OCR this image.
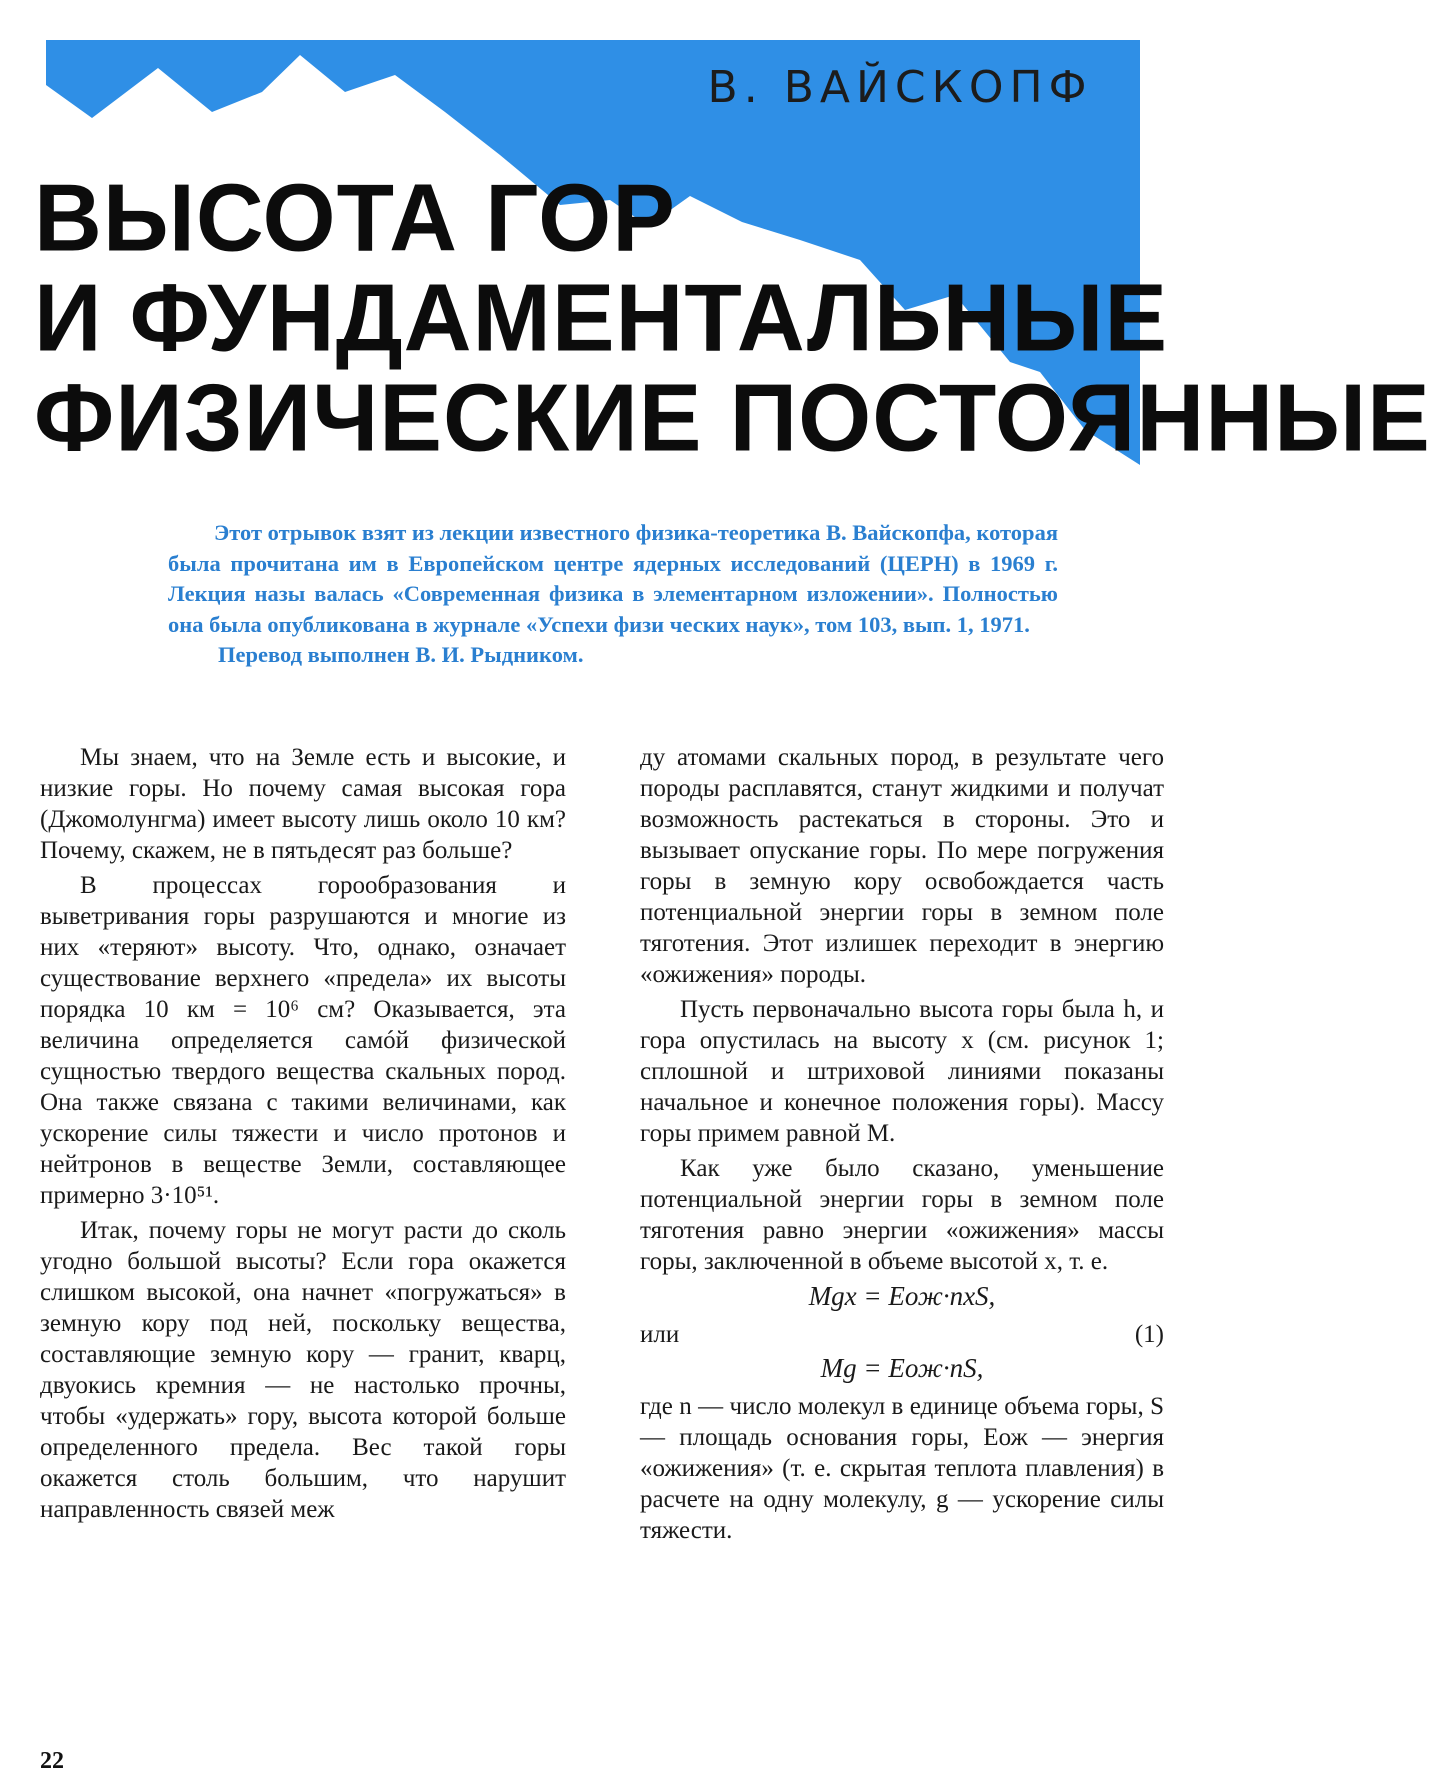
В. ВАЙСКОПФ
ВЫСОТА ГОР
И ФУНДАМЕНТАЛЬНЫЕ
ФИЗИЧЕСКИЕ ПОСТОЯННЫЕ

Этот отрывок взят из лекции известного физика-теоретика В. Вайскопфа, которая была прочитана им в Европейском центре ядерных исследований (ЦЕРН) в 1969 г. Лекция назы валась «Современная физика в элементарном изложении». Полностью она была опубликована в журнале «Успехи физи ческих наук», том 103, вып. 1, 1971.

Перевод выполнен В. И. Рыдником.

Мы знаем, что на Земле есть и высокие, и низкие горы. Но почему самая высокая гора (Джомолунгма) имеет высоту лишь около 10 км? Почему, скажем, не в пятьдесят раз больше?

В процессах горообразования и выветривания горы разрушаются и многие из них «теряют» высоту. Что, однако, означает существование верхнего «предела» их высоты порядка 10 км = 10⁶ см? Оказывается, эта величина определяется самóй физической сущностью твердого вещества скальных пород. Она также связана с такими величинами, как ускорение силы тяжести и число протонов и нейтронов в веществе Земли, составляющее примерно 3·10⁵¹.

Итак, почему горы не могут расти до сколь угодно большой высоты? Если гора окажется слишком высокой, она начнет «погружаться» в земную кору под ней, поскольку вещества, составляющие земную кору — гранит, кварц, двуокись кремния — не настолько прочны, чтобы «удержать» гору, высота которой больше определенного предела. Вес такой горы окажется столь большим, что нарушит направленность связей меж

ду атомами скальных пород, в результате чего породы расплавятся, станут жидкими и получат возможность растекаться в стороны. Это и вызывает опускание горы. По мере погружения горы в земную кору освобождается часть потенциальной энергии горы в земном поле тяготения. Этот излишек переходит в энергию «ожижения» породы.

Пусть первоначально высота горы была h, и гора опустилась на высоту x (см. рисунок 1; сплошной и штриховой линиями показаны начальное и конечное положения горы). Массу горы примем равной M.

Как уже было сказано, уменьшение потенциальной энергии горы в земном поле тяготения равно энергии «ожижения» массы горы, заключенной в объеме высотой x, т. е.

Mgx = Eож·nxS,
или	(1)
Mg = Eож·nS,

где n — число молекул в единице объема горы, S — площадь основания горы, Eож — энергия «ожижения» (т. е. скрытая теплота плавления) в расчете на одну молекулу, g — ускорение силы тяжести.

22
